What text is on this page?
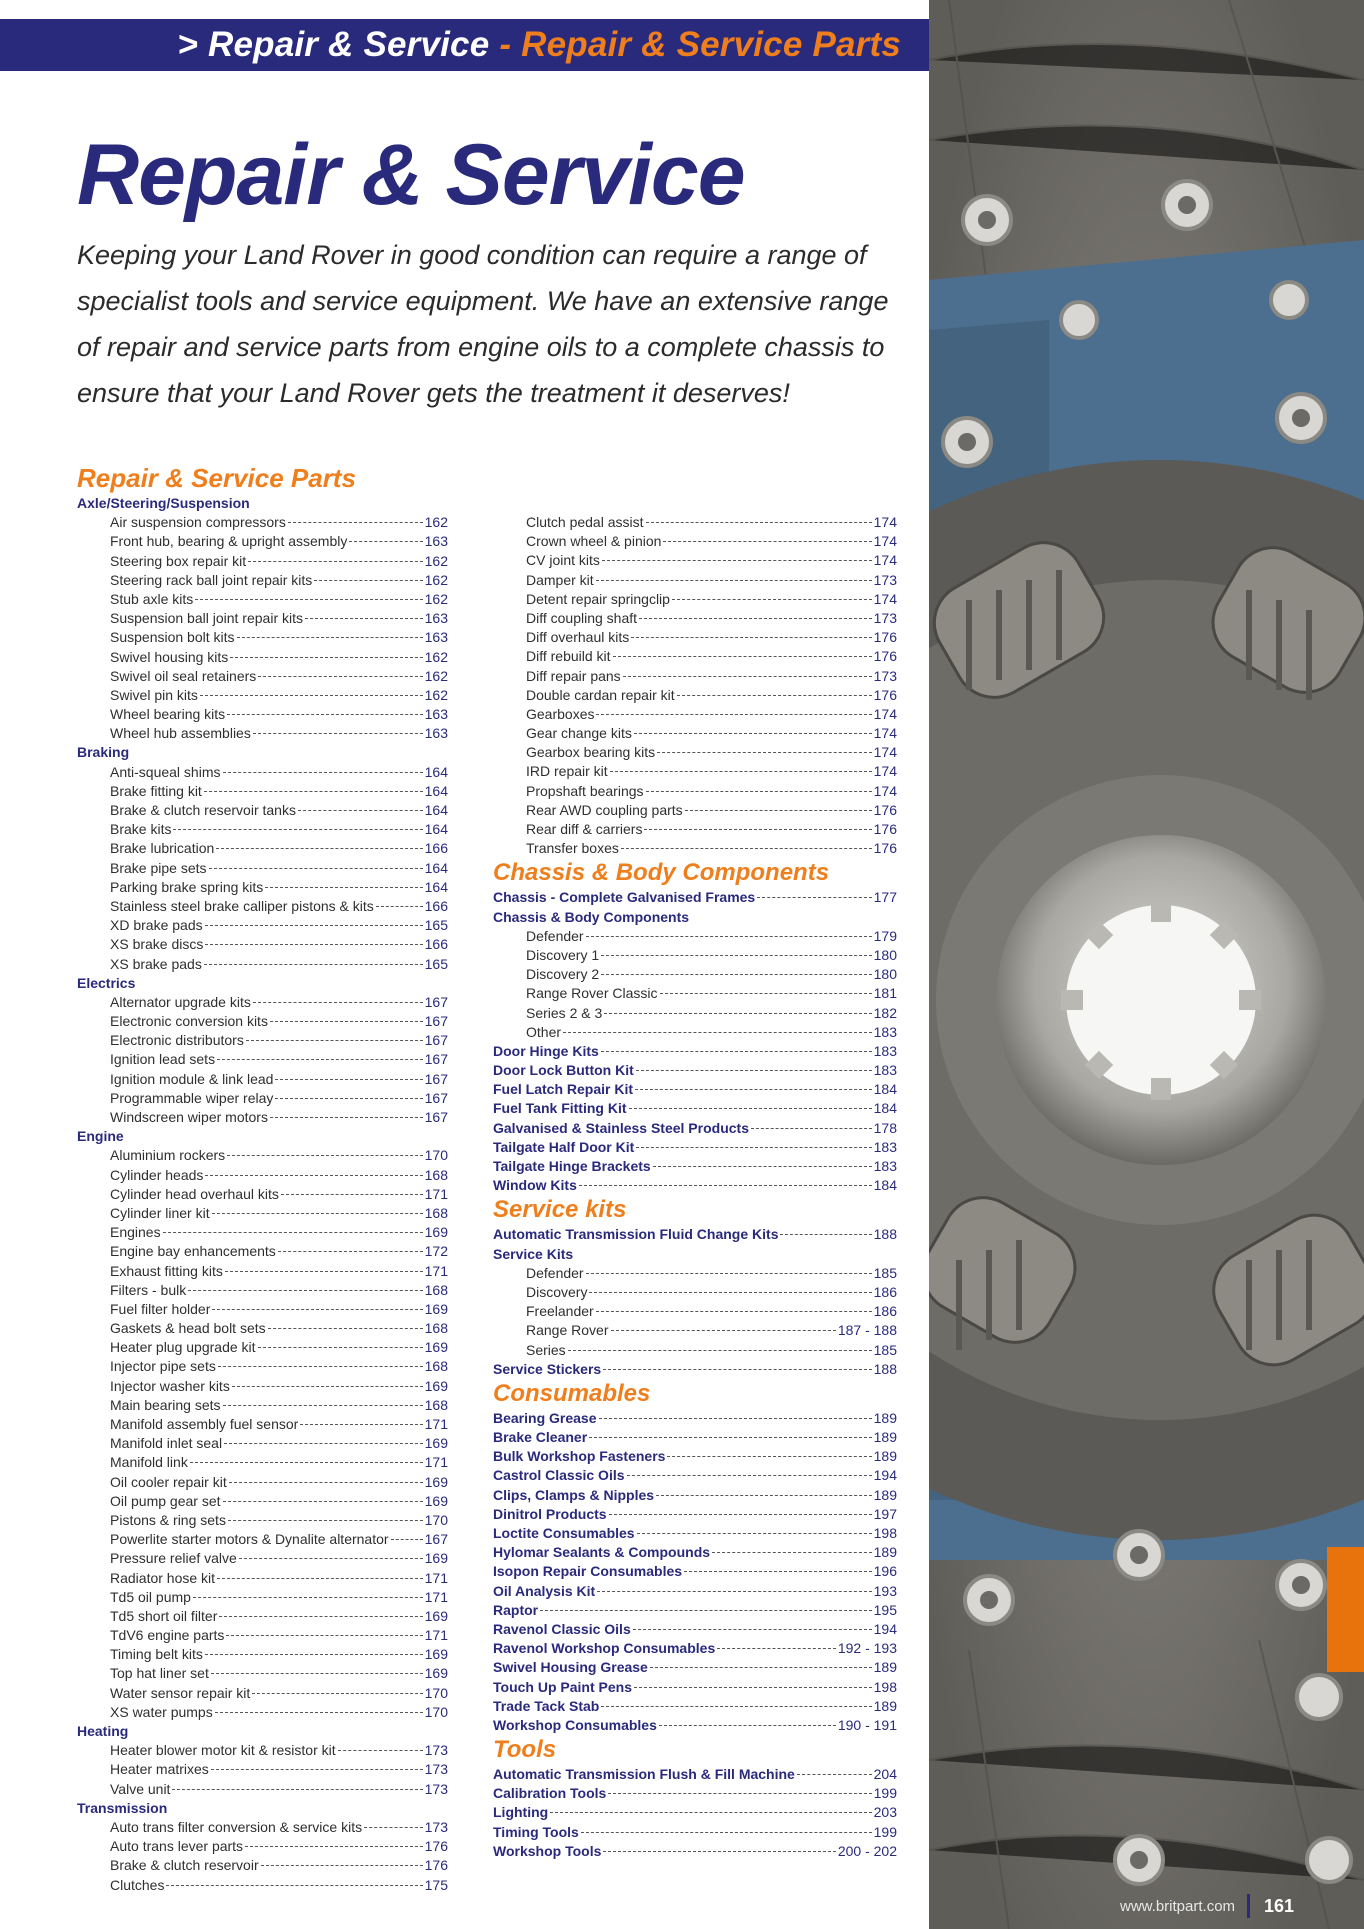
> Repair & Service - Repair & Service Parts
www.britpart.com 161
Repair & Service

Keeping your Land Rover in good condition can require a range of specialist tools and service equipment. We have an extensive range of repair and service parts from engine oils to a complete chassis to ensure that your Land Rover gets the treatment it deserves!

Repair & Service Parts
Axle/Steering/Suspension
Air suspension compressors	162
Front hub, bearing & upright assembly	163
Steering box repair kit	162
Steering rack ball joint repair kits	162
Stub axle kits	162
Suspension ball joint repair kits	163
Suspension bolt kits	163
Swivel housing kits	162
Swivel oil seal retainers	162
Swivel pin kits	162
Wheel bearing kits	163
Wheel hub assemblies	163
Braking
Anti-squeal shims	164
Brake fitting kit	164
Brake & clutch reservoir tanks	164
Brake kits	164
Brake lubrication	166
Brake pipe sets	164
Parking brake spring kits	164
Stainless steel brake calliper pistons & kits	166
XD brake pads	165
XS brake discs	166
XS brake pads	165
Electrics
Alternator upgrade kits	167
Electronic conversion kits	167
Electronic distributors	167
Ignition lead sets	167
Ignition module & link lead	167
Programmable wiper relay	167
Windscreen wiper motors	167
Engine
Aluminium rockers	170
Cylinder heads	168
Cylinder head overhaul kits	171
Cylinder liner kit	168
Engines	169
Engine bay enhancements	172
Exhaust fitting kits	171
Filters - bulk	168
Fuel filter holder	169
Gaskets & head bolt sets	168
Heater plug upgrade kit	169
Injector pipe sets	168
Injector washer kits	169
Main bearing sets	168
Manifold assembly fuel sensor	171
Manifold inlet seal	169
Manifold link	171
Oil cooler repair kit	169
Oil pump gear set	169
Pistons & ring sets	170
Powerlite starter motors & Dynalite alternator	167
Pressure relief valve	169
Radiator hose kit	171
Td5 oil pump	171
Td5 short oil filter	169
TdV6 engine parts	171
Timing belt kits	169
Top hat liner set	169
Water sensor repair kit	170
XS water pumps	170
Heating
Heater blower motor kit & resistor kit	173
Heater matrixes	173
Valve unit	173
Transmission
Auto trans filter conversion & service kits	173
Auto trans lever parts	176
Brake & clutch reservoir	176
Clutches	175
Clutch pedal assist	174
Crown wheel & pinion	174
CV joint kits	174
Damper kit	173
Detent repair springclip	174
Diff coupling shaft	173
Diff overhaul kits	176
Diff rebuild kit	176
Diff repair pans	173
Double cardan repair kit	176
Gearboxes	174
Gear change kits	174
Gearbox bearing kits	174
IRD repair kit	174
Propshaft bearings	174
Rear AWD coupling parts	176
Rear diff & carriers	176
Transfer boxes	176
Chassis & Body Components
Chassis - Complete Galvanised Frames	177
Chassis & Body Components
Defender	179
Discovery 1	180
Discovery 2	180
Range Rover Classic	181
Series 2 & 3	182
Other	183
Door Hinge Kits	183
Door Lock Button Kit	183
Fuel Latch Repair Kit	184
Fuel Tank Fitting Kit	184
Galvanised & Stainless Steel Products	178
Tailgate Half Door Kit	183
Tailgate Hinge Brackets	183
Window Kits	184
Service kits
Automatic Transmission Fluid Change Kits	188
Service Kits
Defender	185
Discovery	186
Freelander	186
Range Rover	187 - 188
Series	185
Service Stickers	188
Consumables
Bearing Grease	189
Brake Cleaner	189
Bulk Workshop Fasteners	189
Castrol Classic Oils	194
Clips, Clamps & Nipples	189
Dinitrol Products	197
Loctite Consumables	198
Hylomar Sealants & Compounds	189
Isopon Repair Consumables	196
Oil Analysis Kit	193
Raptor	195
Ravenol Classic Oils	194
Ravenol Workshop Consumables	192 - 193
Swivel Housing Grease	189
Touch Up Paint Pens	198
Trade Tack Stab	189
Workshop Consumables	190 - 191
Tools
Automatic Transmission Flush & Fill Machine	204
Calibration Tools	199
Lighting	203
Timing Tools	199
Workshop Tools	200 - 202
